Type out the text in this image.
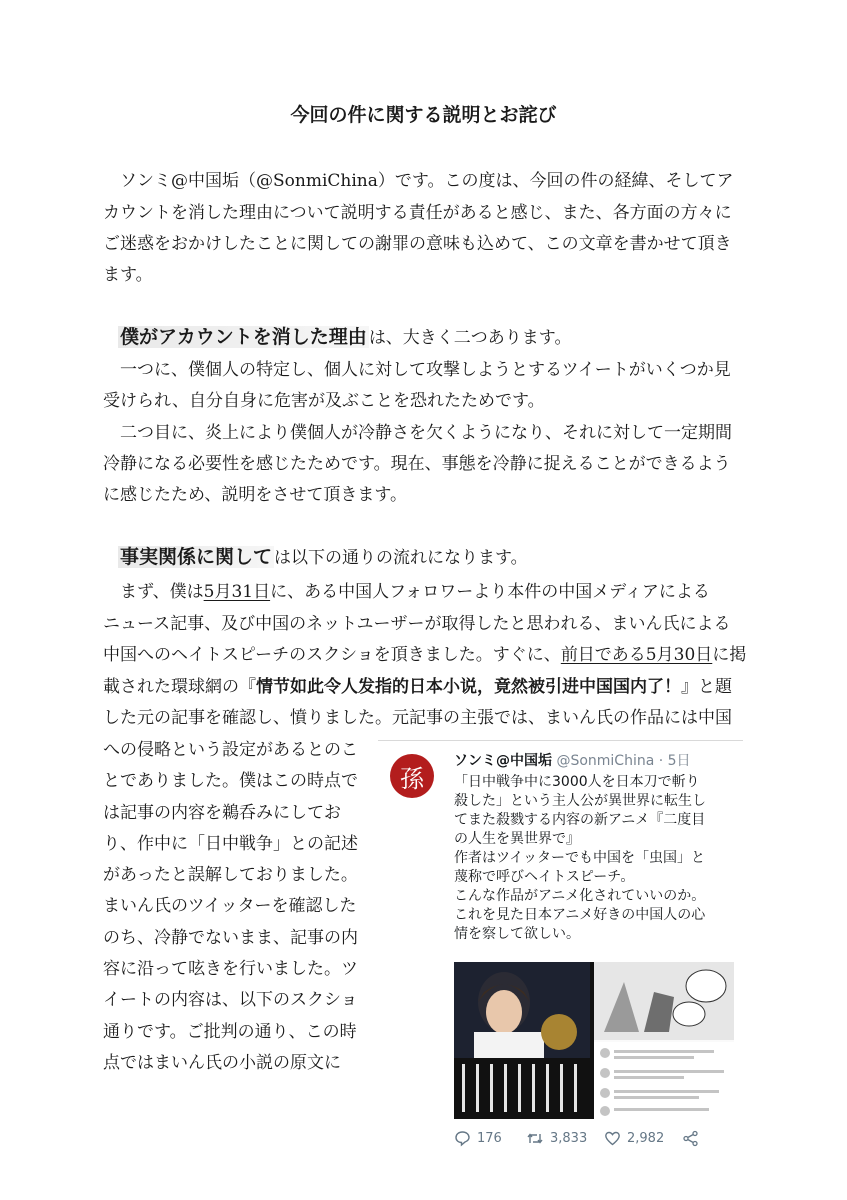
今回の件に関する説明とお詫び
ソンミ@中国垢（@SonmiChina）です。この度は、今回の件の経緯、そしてア
カウントを消した理由について説明する責任があると感じ、また、各方面の方々に
ご迷惑をおかけしたことに関しての謝罪の意味も込めて、この文章を書かせて頂き
ます。
僕がアカウントを消した理由 は、大きく二つあります。
一つに、僕個人の特定し、個人に対して攻撃しようとするツイートがいくつか見
受けられ、自分自身に危害が及ぶことを恐れたためです。
二つ目に、炎上により僕個人が冷静さを欠くようになり、それに対して一定期間
冷静になる必要性を感じたためです。現在、事態を冷静に捉えることができるよう
に感じたため、説明をさせて頂きます。
事実関係に関して は以下の通りの流れになります。
まず、僕は5月31日に、ある中国人フォロワーより本件の中国メディアによる
ニュース記事、及び中国のネットユーザーが取得したと思われる、まいん氏による
中国へのヘイトスピーチのスクショを頂きました。すぐに、前日である5月30日に掲
載された環球網の『情节如此令人发指的日本小说，竟然被引进中国国内了！』と題
した元の記事を確認し、憤りました。元記事の主張では、まいん氏の作品には中国
への侵略という設定があるとのこ
とでありました。僕はこの時点で
は記事の内容を鵜呑みにしてお
り、作中に「日中戦争」との記述
があったと誤解しておりました。
まいん氏のツイッターを確認した
のち、冷静でないまま、記事の内
容に沿って呟きを行いました。ツ
イートの内容は、以下のスクショ
通りです。ご批判の通り、この時
点ではまいん氏の小説の原文に
孫
ソンミ@中国垢 @SonmiChina · 5日
「日中戦争中に3000人を日本刀で斬り
殺した」という主人公が異世界に転生し
てまた殺戮する内容の新アニメ『二度目
の人生を異世界で』
作者はツイッターでも中国を「虫国」と
蔑称で呼びヘイトスピーチ。
こんな作品がアニメ化されていいのか。
これを見た日本アニメ好きの中国人の心
情を察して欲しい。
176	3,833	2,982
